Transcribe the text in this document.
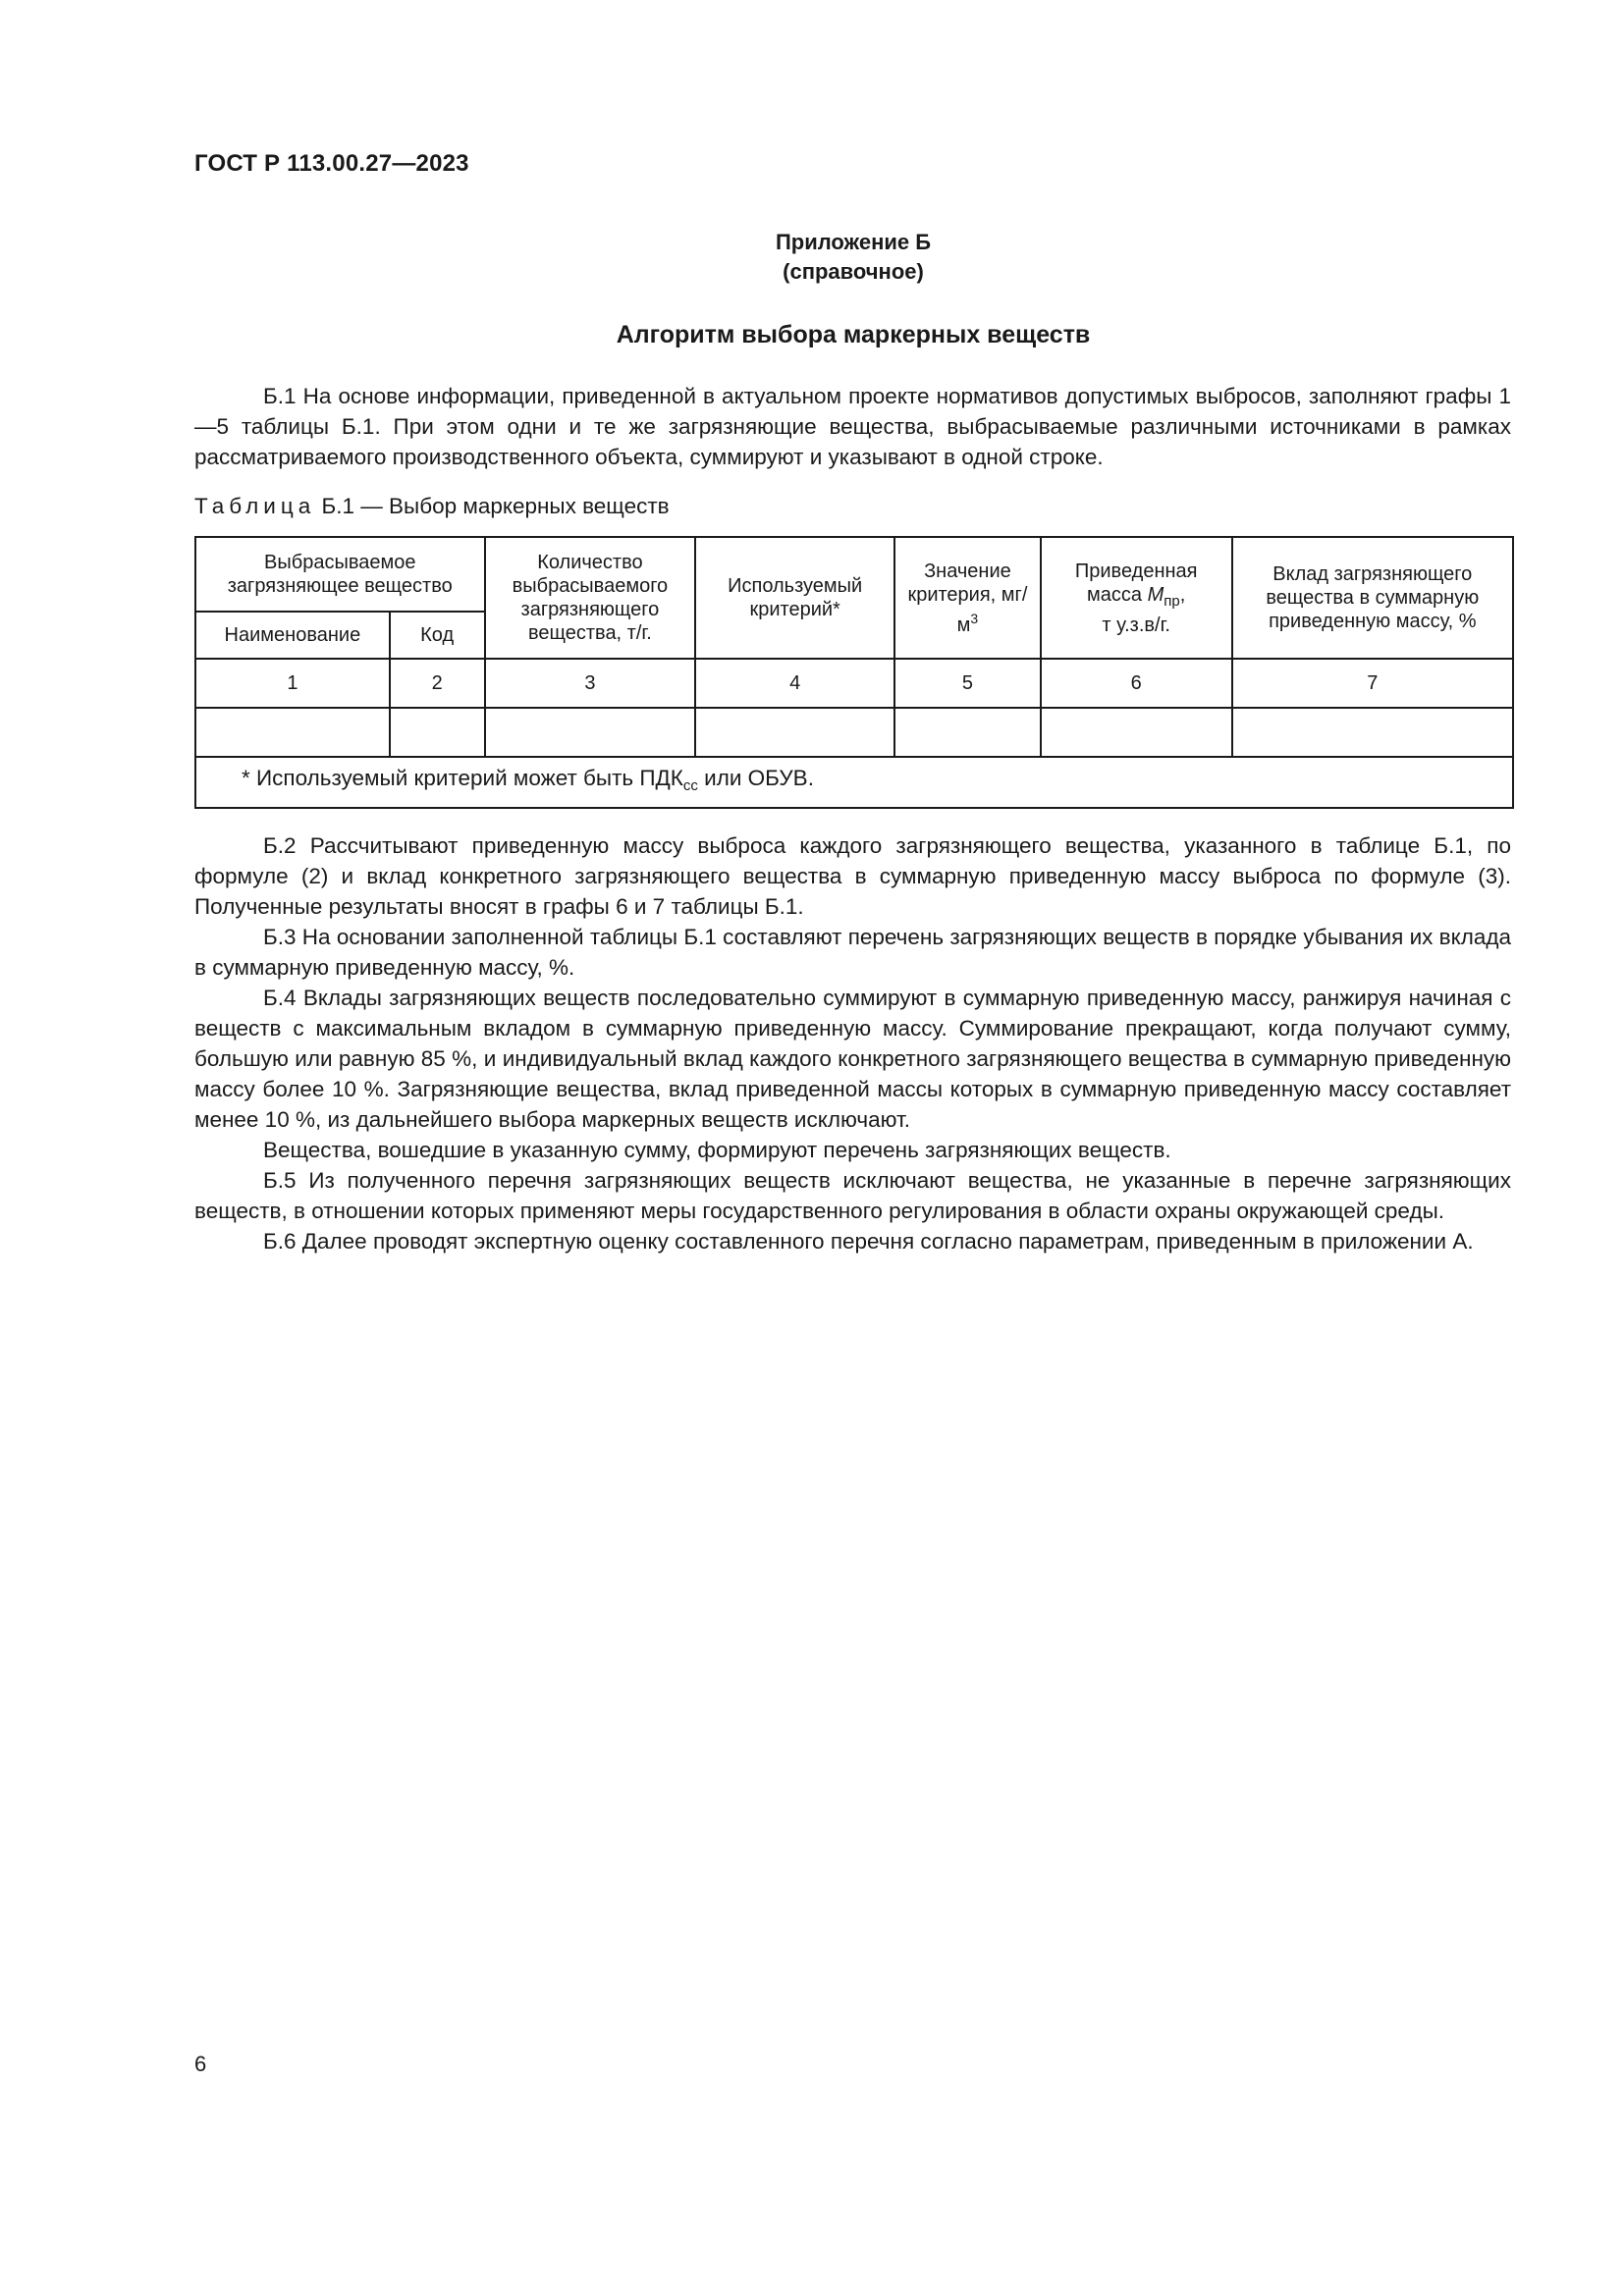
ГОСТ Р 113.00.27—2023
Приложение Б
(справочное)
Алгоритм выбора маркерных веществ

Б.1 На основе информации, приведенной в актуальном проекте нормативов допустимых выбросов, заполняют графы 1—5 таблицы Б.1. При этом одни и те же загрязняющие вещества, выбрасываемые различными источниками в рамках рассматриваемого производственного объекта, суммируют и указывают в одной строке.

Таблица Б.1 — Выбор маркерных веществ
Выбрасываемое загрязняющее вещество		Количество выбрасываемого загрязняющего вещества, т/г.	Используемый критерий*	Значение критерия, $мг/м^3$	Приведенная
масса $М_{пр}$,
т у.з.в/г.	Вклад загрязняющего вещества в суммарную приведенную массу, %
Наименование	Код					
1	2	3	4	5	6	7

* Используемый критерий может быть $ПДК_{сс}$ или ОБУВ.						

Б.2 Рассчитывают приведенную массу выброса каждого загрязняющего вещества, указанного в таблице Б.1, по формуле (2) и вклад конкретного загрязняющего вещества в суммарную приведенную массу выброса по формуле (3). Полученные результаты вносят в графы 6 и 7 таблицы Б.1.

Б.3 На основании заполненной таблицы Б.1 составляют перечень загрязняющих веществ в порядке убывания их вклада в суммарную приведенную массу, %.

Б.4 Вклады загрязняющих веществ последовательно суммируют в суммарную приведенную массу, ранжируя начиная с веществ с максимальным вкладом в суммарную приведенную массу. Суммирование прекращают, когда получают сумму, большую или равную 85 %, и индивидуальный вклад каждого конкретного загрязняющего вещества в суммарную приведенную массу более 10 %. Загрязняющие вещества, вклад приведенной массы которых в суммарную приведенную массу составляет менее 10 %, из дальнейшего выбора маркерных веществ исключают.

Вещества, вошедшие в указанную сумму, формируют перечень загрязняющих веществ.

Б.5 Из полученного перечня загрязняющих веществ исключают вещества, не указанные в перечне загрязняющих веществ, в отношении которых применяют меры государственного регулирования в области охраны окружающей среды.

Б.6 Далее проводят экспертную оценку составленного перечня согласно параметрам, приведенным в приложении А.

6
